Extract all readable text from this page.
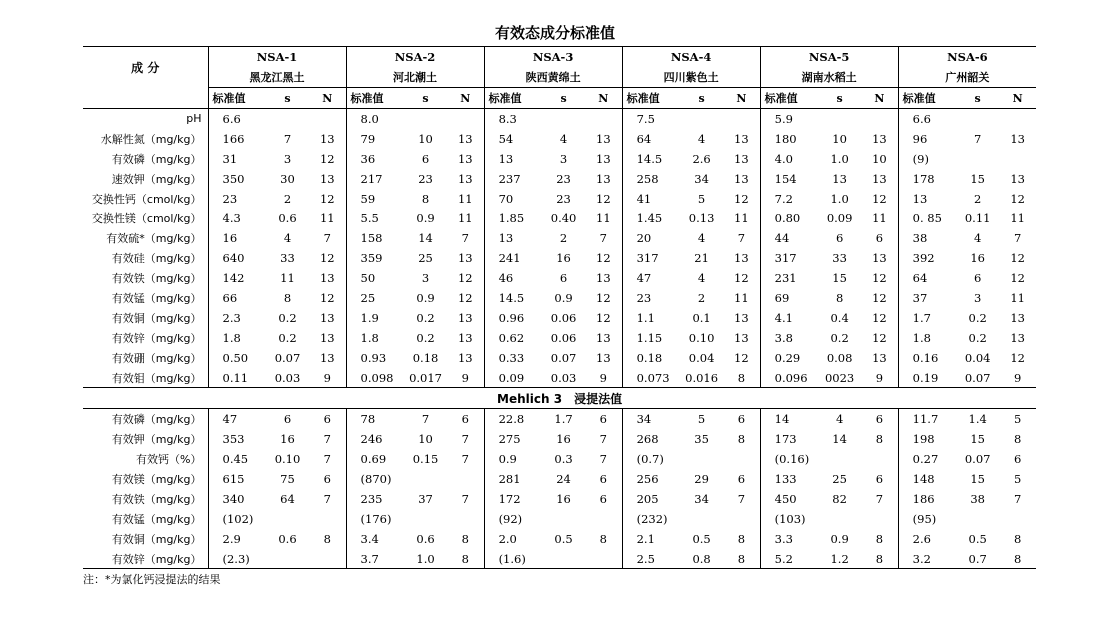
有效态成分标准值
成 分	NSA-1			NSA-2			NSA-3			NSA-4			NSA-5			NSA-6		
	黑龙江黑土			河北潮土			陕西黄绵土			四川紫色土			湖南水稻土			广州韶关		
	标准值	s	N	标准值	s	N	标准值	s	N	标准值	s	N	标准值	s	N	标准值	s	N
pH	6.6			8.0			8.3			7.5			5.9			6.6		
水解性氮（mg/kg）	166	7	13	79	10	13	54	4	13	64	4	13	180	10	13	96	7	13
有效磷（mg/kg）	31	3	12	36	6	13	13	3	13	14.5	2.6	13	4.0	1.0	10	(9)		
速效钾（mg/kg）	350	30	13	217	23	13	237	23	13	258	34	13	154	13	13	178	15	13
交换性钙（cmol/kg）	23	2	12	59	8	11	70	23	12	41	5	12	7.2	1.0	12	13	2	12
交换性镁（cmol/kg）	4.3	0.6	11	5.5	0.9	11	1.85	0.40	11	1.45	0.13	11	0.80	0.09	11	0. 85	0.11	11
有效硫*（mg/kg）	16	4	7	158	14	7	13	2	7	20	4	7	44	6	6	38	4	7
有效硅（mg/kg）	640	33	12	359	25	13	241	16	12	317	21	13	317	33	13	392	16	12
有效铁（mg/kg）	142	11	13	50	3	12	46	6	13	47	4	12	231	15	12	64	6	12
有效锰（mg/kg）	66	8	12	25	0.9	12	14.5	0.9	12	23	2	11	69	8	12	37	3	11
有效铜（mg/kg）	2.3	0.2	13	1.9	0.2	13	0.96	0.06	12	1.1	0.1	13	4.1	0.4	12	1.7	0.2	13
有效锌（mg/kg）	1.8	0.2	13	1.8	0.2	13	0.62	0.06	13	1.15	0.10	13	3.8	0.2	12	1.8	0.2	13
有效硼（mg/kg）	0.50	0.07	13	0.93	0.18	13	0.33	0.07	13	0.18	0.04	12	0.29	0.08	13	0.16	0.04	12
有效钼（mg/kg）	0.11	0.03	9	0.098	0.017	9	0.09	0.03	9	0.073	0.016	8	0.096	0023	9	0.19	0.07	9
Mehlich 3　浸提法值																		
有效磷（mg/kg）	47	6	6	78	7	6	22.8	1.7	6	34	5	6	14	4	6	11.7	1.4	5
有效钾（mg/kg）	353	16	7	246	10	7	275	16	7	268	35	8	173	14	8	198	15	8
有效钙（%）	0.45	0.10	7	0.69	0.15	7	0.9	0.3	7	(0.7)			(0.16)			0.27	0.07	6
有效镁（mg/kg）	615	75	6	(870)			281	24	6	256	29	6	133	25	6	148	15	5
有效铁（mg/kg）	340	64	7	235	37	7	172	16	6	205	34	7	450	82	7	186	38	7
有效锰（mg/kg）	(102)			(176)			(92)			(232)			(103)			(95)		
有效铜（mg/kg）	2.9	0.6	8	3.4	0.6	8	2.0	0.5	8	2.1	0.5	8	3.3	0.9	8	2.6	0.5	8
有效锌（mg/kg）	(2.3)			3.7	1.0	8	(1.6)			2.5	0.8	8	5.2	1.2	8	3.2	0.7	8
注：*为氯化钙浸提法的结果
